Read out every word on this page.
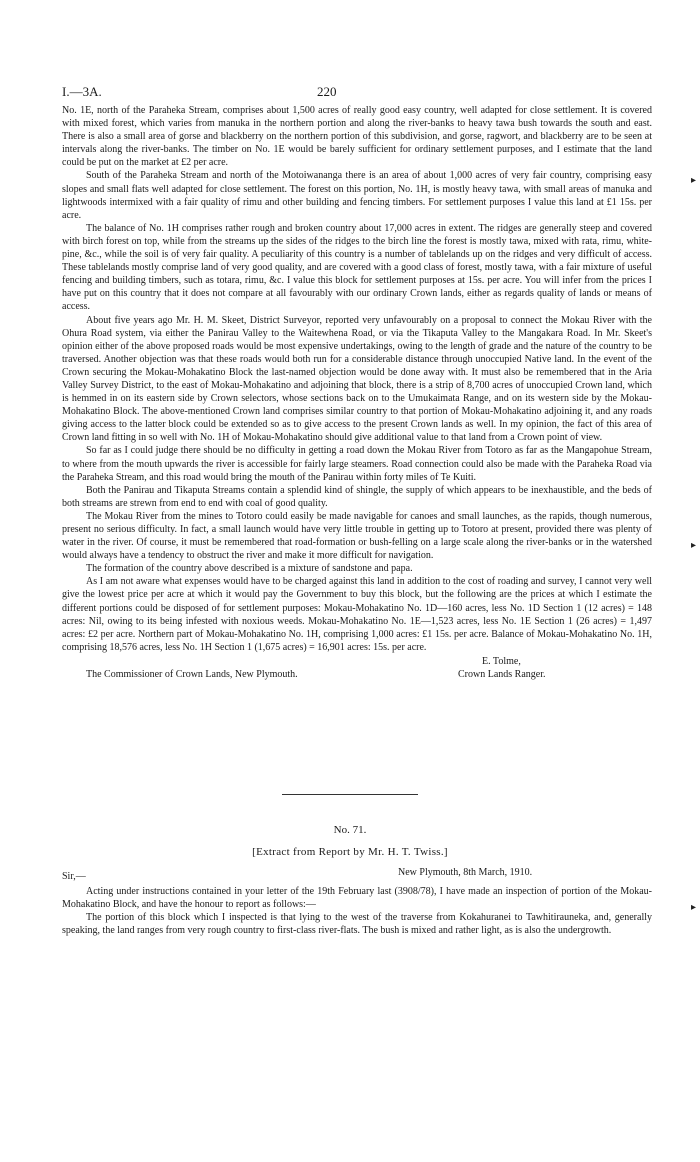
I.—3A.	220

No. 1E, north of the Paraheka Stream, comprises about 1,500 acres of really good easy country, well adapted for close settlement. It is covered with mixed forest, which varies from manuka in the northern portion and along the river-banks to heavy tawa bush towards the south and east. There is also a small area of gorse and blackberry on the northern portion of this subdivision, and gorse, ragwort, and blackberry are to be seen at intervals along the river-banks. The timber on No. 1E would be barely sufficient for ordinary settlement purposes, and I estimate that the land could be put on the market at £2 per acre.

South of the Paraheka Stream and north of the Motoiwananga there is an area of about 1,000 acres of very fair country, comprising easy slopes and small flats well adapted for close settlement. The forest on this portion, No. 1H, is mostly heavy tawa, with small areas of manuka and lightwoods intermixed with a fair quality of rimu and other building and fencing timbers. For settlement purposes I value this land at £1 15s. per acre.

The balance of No. 1H comprises rather rough and broken country about 17,000 acres in extent. The ridges are generally steep and covered with birch forest on top, while from the streams up the sides of the ridges to the birch line the forest is mostly tawa, mixed with rata, rimu, white-pine, &c., while the soil is of very fair quality. A peculiarity of this country is a number of tablelands up on the ridges and very difficult of access. These tablelands mostly comprise land of very good quality, and are covered with a good class of forest, mostly tawa, with a fair mixture of useful fencing and building timbers, such as totara, rimu, &c. I value this block for settlement purposes at 15s. per acre. You will infer from the prices I have put on this country that it does not compare at all favourably with our ordinary Crown lands, either as regards quality of lands or means of access.

About five years ago Mr. H. M. Skeet, District Surveyor, reported very unfavourably on a proposal to connect the Mokau River with the Ohura Road system, via either the Panirau Valley to the Waitewhena Road, or via the Tikaputa Valley to the Mangakara Road. In Mr. Skeet's opinion either of the above proposed roads would be most expensive undertakings, owing to the length of grade and the nature of the country to be traversed. Another objection was that these roads would both run for a considerable distance through unoccupied Native land. In the event of the Crown securing the Mokau-Mohakatino Block the last-named objection would be done away with. It must also be remembered that in the Aria Valley Survey District, to the east of Mokau-Mohakatino and adjoining that block, there is a strip of 8,700 acres of unoccupied Crown land, which is hemmed in on its eastern side by Crown selectors, whose sections back on to the Umukaimata Range, and on its western side by the Mokau-Mohakatino Block. The above-mentioned Crown land comprises similar country to that portion of Mokau-Mohakatino adjoining it, and any roads giving access to the latter block could be extended so as to give access to the present Crown lands as well. In my opinion, the fact of this area of Crown land fitting in so well with No. 1H of Mokau-Mohakatino should give additional value to that land from a Crown point of view.

So far as I could judge there should be no difficulty in getting a road down the Mokau River from Totoro as far as the Mangapohue Stream, to where from the mouth upwards the river is accessible for fairly large steamers. Road connection could also be made with the Paraheka Road via the Paraheka Stream, and this road would bring the mouth of the Panirau within forty miles of Te Kuiti.

Both the Panirau and Tikaputa Streams contain a splendid kind of shingle, the supply of which appears to be inexhaustible, and the beds of both streams are strewn from end to end with coal of good quality.

The Mokau River from the mines to Totoro could easily be made navigable for canoes and small launches, as the rapids, though numerous, present no serious difficulty. In fact, a small launch would have very little trouble in getting up to Totoro at present, provided there was plenty of water in the river. Of course, it must be remembered that road-formation or bush-felling on a large scale along the river-banks or in the watershed would always have a tendency to obstruct the river and make it more difficult for navigation.

The formation of the country above described is a mixture of sandstone and papa.

As I am not aware what expenses would have to be charged against this land in addition to the cost of roading and survey, I cannot very well give the lowest price per acre at which it would pay the Government to buy this block, but the following are the prices at which I estimate the different portions could be disposed of for settlement purposes: Mokau-Mohakatino No. 1D—160 acres, less No. 1D Section 1 (12 acres) = 148 acres: Nil, owing to its being infested with noxious weeds. Mokau-Mohakatino No. 1E—1,523 acres, less No. 1E Section 1 (26 acres) = 1,497 acres: £2 per acre. Northern part of Mokau-Mohakatino No. 1H, comprising 1,000 acres: £1 15s. per acre. Balance of Mokau-Mohakatino No. 1H, comprising 18,576 acres, less No. 1H Section 1 (1,675 acres) = 16,901 acres: 15s. per acre.

E. Tolme,
The Commissioner of Crown Lands, New Plymouth.	Crown Lands Ranger.
No. 71.
[Extract from Report by Mr. H. T. Twiss.]
Sir,—	New Plymouth, 8th March, 1910.

Acting under instructions contained in your letter of the 19th February last (3908/78), I have made an inspection of portion of the Mokau-Mohakatino Block, and have the honour to report as follows:—

The portion of this block which I inspected is that lying to the west of the traverse from Kokahuranei to Tawhitirauneka, and, generally speaking, the land ranges from very rough country to first-class river-flats. The bush is mixed and rather light, as is also the undergrowth.

▸
▸
▸
